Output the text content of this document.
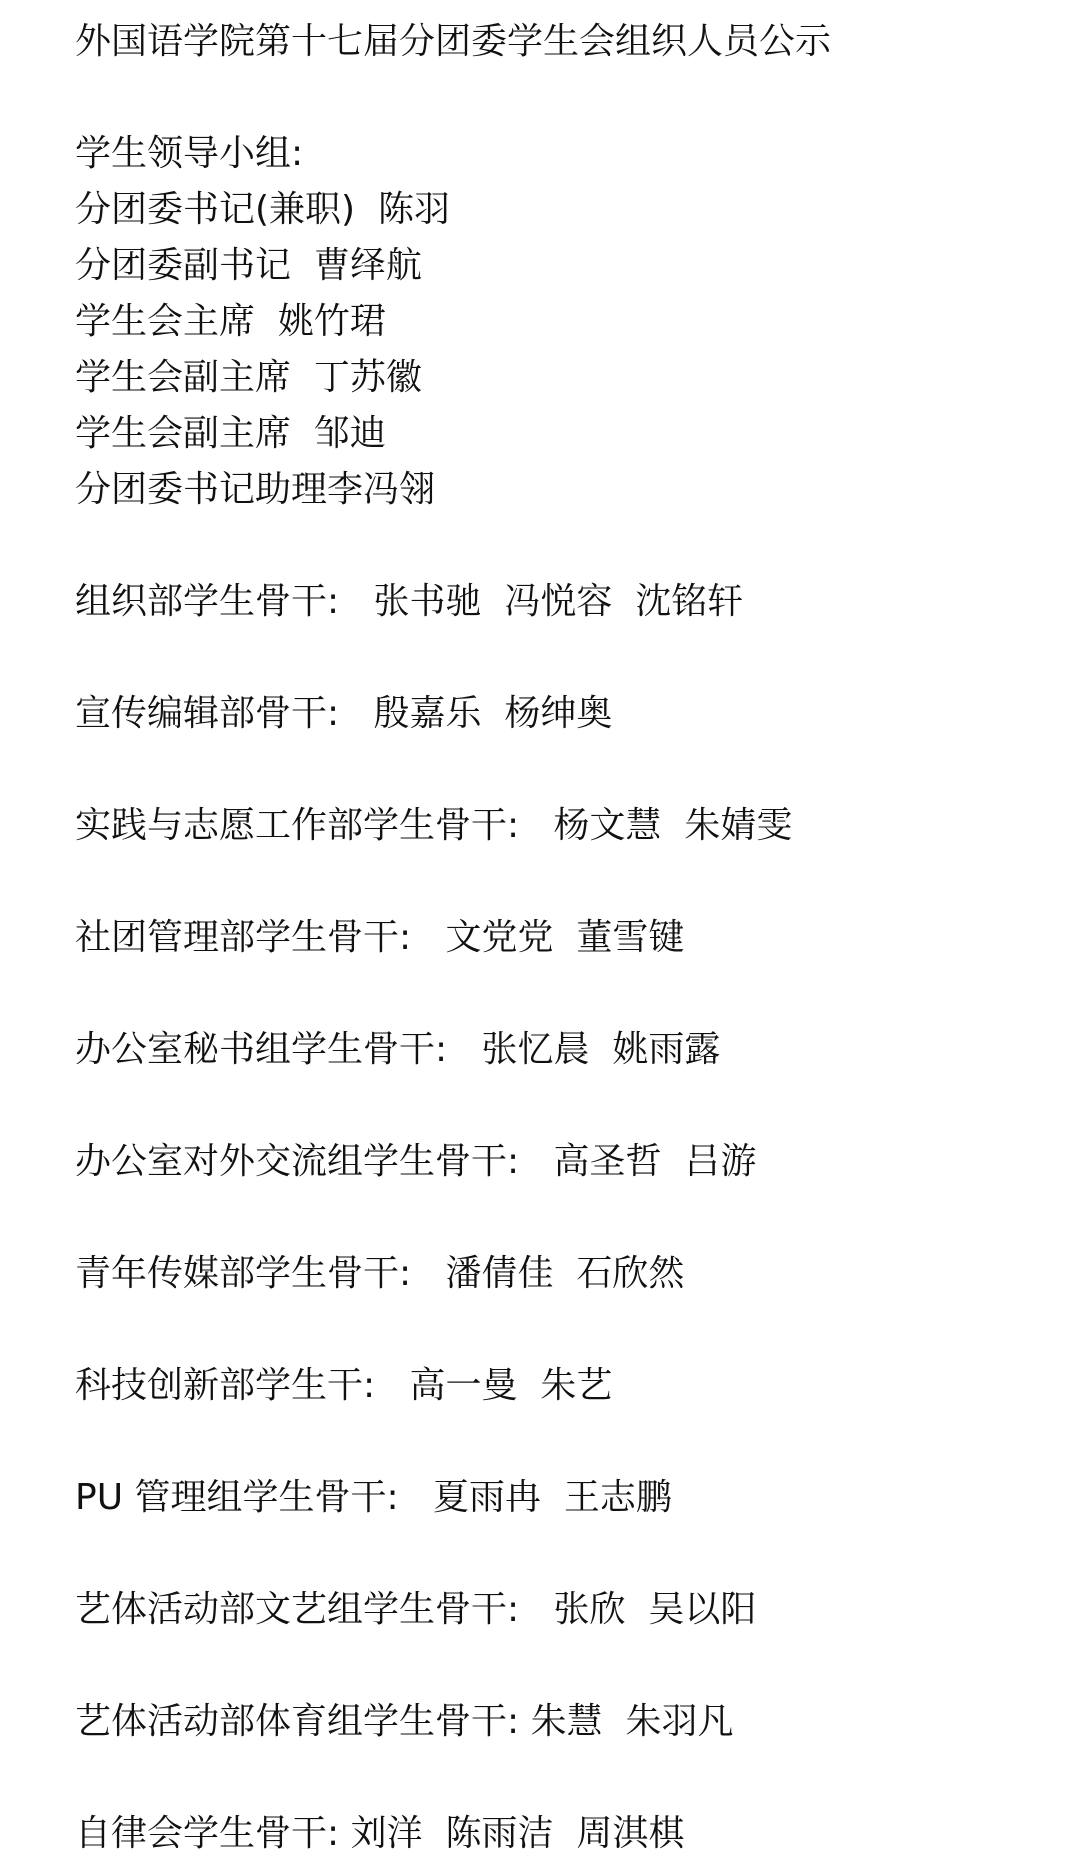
外国语学院第十七届分团委学生会组织人员公示
学生领导小组:
分团委书记(兼职)  陈羽
分团委副书记  曹绎航
学生会主席  姚竹珺
学生会副主席  丁苏徽
学生会副主席  邹迪
分团委书记助理李冯翎
组织部学生骨干:   张书驰  冯悦容  沈铭轩
宣传编辑部骨干:   殷嘉乐  杨绅奥
实践与志愿工作部学生骨干:   杨文慧  朱婧雯
社团管理部学生骨干:   文党党  董雪键
办公室秘书组学生骨干:   张忆晨  姚雨露
办公室对外交流组学生骨干:   高圣哲  吕游
青年传媒部学生骨干:   潘倩佳  石欣然
科技创新部学生干:   高一曼  朱艺
PU 管理组学生骨干:   夏雨冉  王志鹏
艺体活动部文艺组学生骨干:   张欣  吴以阳
艺体活动部体育组学生骨干: 朱慧  朱羽凡
自律会学生骨干: 刘洋  陈雨洁  周淇棋
